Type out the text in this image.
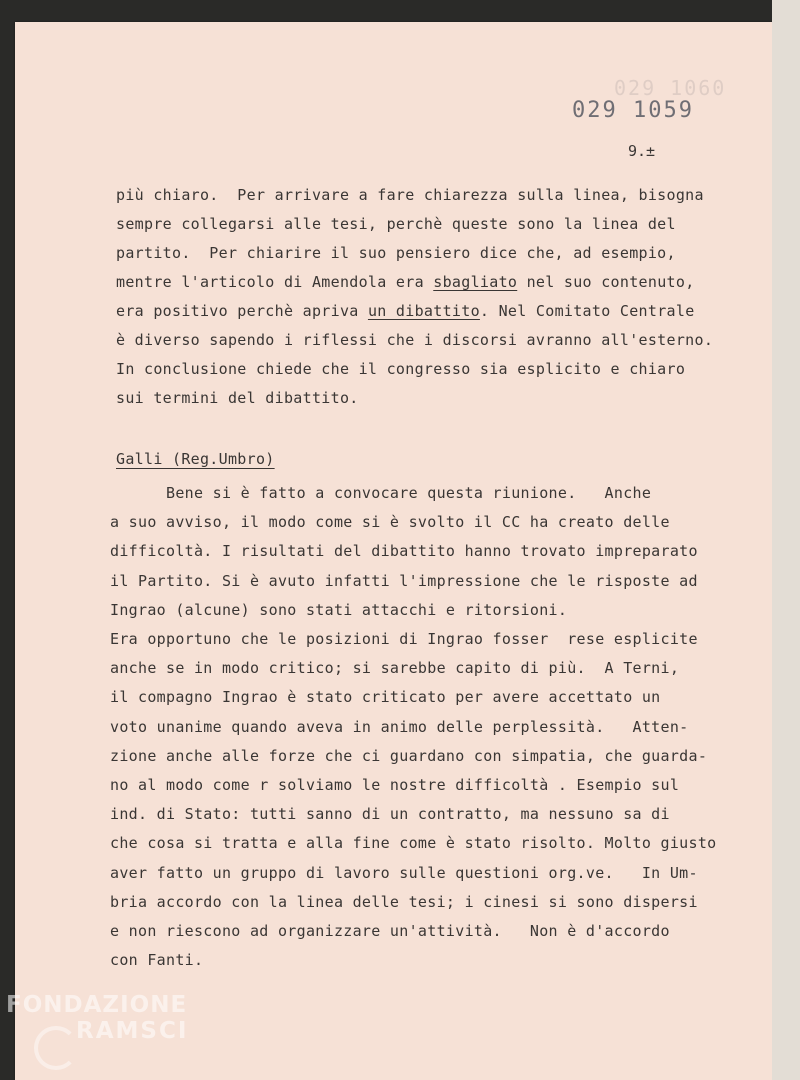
029 1060
029 1059
9.±
più chiaro.  Per arrivare a fare chiarezza sulla linea, bisogna
sempre collegarsi alle tesi, perchè queste sono la linea del
partito.  Per chiarire il suo pensiero dice che, ad esempio,
mentre l'articolo di Amendola era sbagliato nel suo contenuto,
era positivo perchè apriva un dibattito. Nel Comitato Centrale
è diverso sapendo i riflessi che i discorsi avranno all'esterno.
In conclusione chiede che il congresso sia esplicito e chiaro
sui termini del dibattito.
Galli (Reg.Umbro)
Bene si è fatto a convocare questa riunione.   Anche
a suo avviso, il modo come si è svolto il CC ha creato delle
difficoltà. I risultati del dibattito hanno trovato impreparato
il Partito. Si è avuto infatti l'impressione che le risposte ad
Ingrao (alcune) sono stati attacchi e ritorsioni.
Era opportuno che le posizioni di Ingrao fosser  rese esplicite
anche se in modo critico; si sarebbe capito di più.  A Terni,
il compagno Ingrao è stato criticato per avere accettato un
voto unanime quando aveva in animo delle perplessità.   Atten-
zione anche alle forze che ci guardano con simpatia, che guarda-
no al modo come r solviamo le nostre difficoltà . Esempio sul
ind. di Stato: tutti sanno di un contratto, ma nessuno sa di
che cosa si tratta e alla fine come è stato risolto. Molto giusto
aver fatto un gruppo di lavoro sulle questioni org.ve.   In Um-
bria accordo con la linea delle tesi; i cinesi si sono dispersi
e non riescono ad organizzare un'attività.   Non è d'accordo
con Fanti.
FONDAZIONE
RAMSCI
